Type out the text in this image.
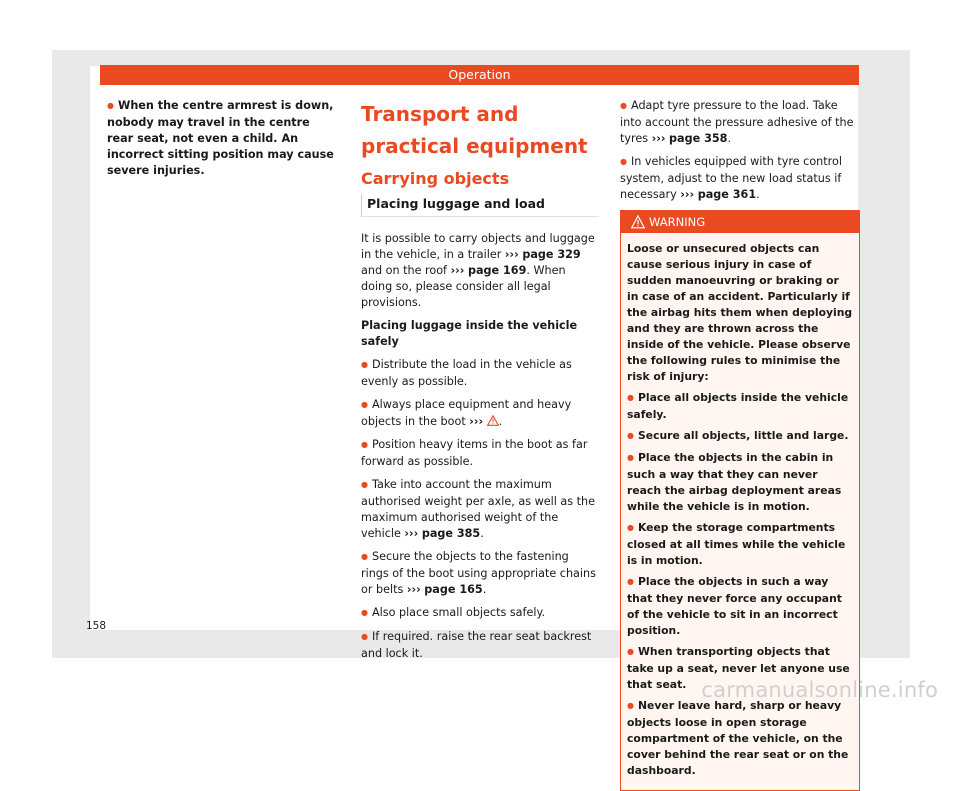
Operation

● When the centre armrest is down, nobody may travel in the centre rear seat, not even a child. An incorrect sitting position may cause severe injuries.

Transport and practical equipment
Carrying objects
Placing luggage and load

It is possible to carry objects and luggage in the vehicle, in a trailer ››› page 329 and on the roof ››› page 169. When doing so, please consider all legal provisions.

Placing luggage inside the vehicle safely

● Distribute the load in the vehicle as evenly as possible.

● Always place equipment and heavy objects in the boot ››› .

● Position heavy items in the boot as far forward as possible.

● Take into account the maximum authorised weight per axle, as well as the maximum authorised weight of the vehicle ››› page 385.

● Secure the objects to the fastening rings of the boot using appropriate chains or belts ››› page 165.

● Also place small objects safely.

● If required. raise the rear seat backrest and lock it.

● Adapt tyre pressure to the load. Take into account the pressure adhesive of the tyres ››› page 358.

● In vehicles equipped with tyre control system, adjust to the new load status if necessary ››› page 361.

WARNING

Loose or unsecured objects can cause serious injury in case of sudden manoeuvring or braking or in case of an accident. Particularly if the airbag hits them when deploying and they are thrown across the inside of the vehicle. Please observe the following rules to minimise the risk of injury:

● Place all objects inside the vehicle safely.

● Secure all objects, little and large.

● Place the objects in the cabin in such a way that they can never reach the airbag deployment areas while the vehicle is in motion.

● Keep the storage compartments closed at all times while the vehicle is in motion.

● Place the objects in such a way that they never force any occupant of the vehicle to sit in an incorrect position.

● When transporting objects that take up a seat, never let anyone use that seat.

● Never leave hard, sharp or heavy objects loose in open storage compartment of the vehicle, on the cover behind the rear seat or on the dashboard.

158
carmanualsonline.info
